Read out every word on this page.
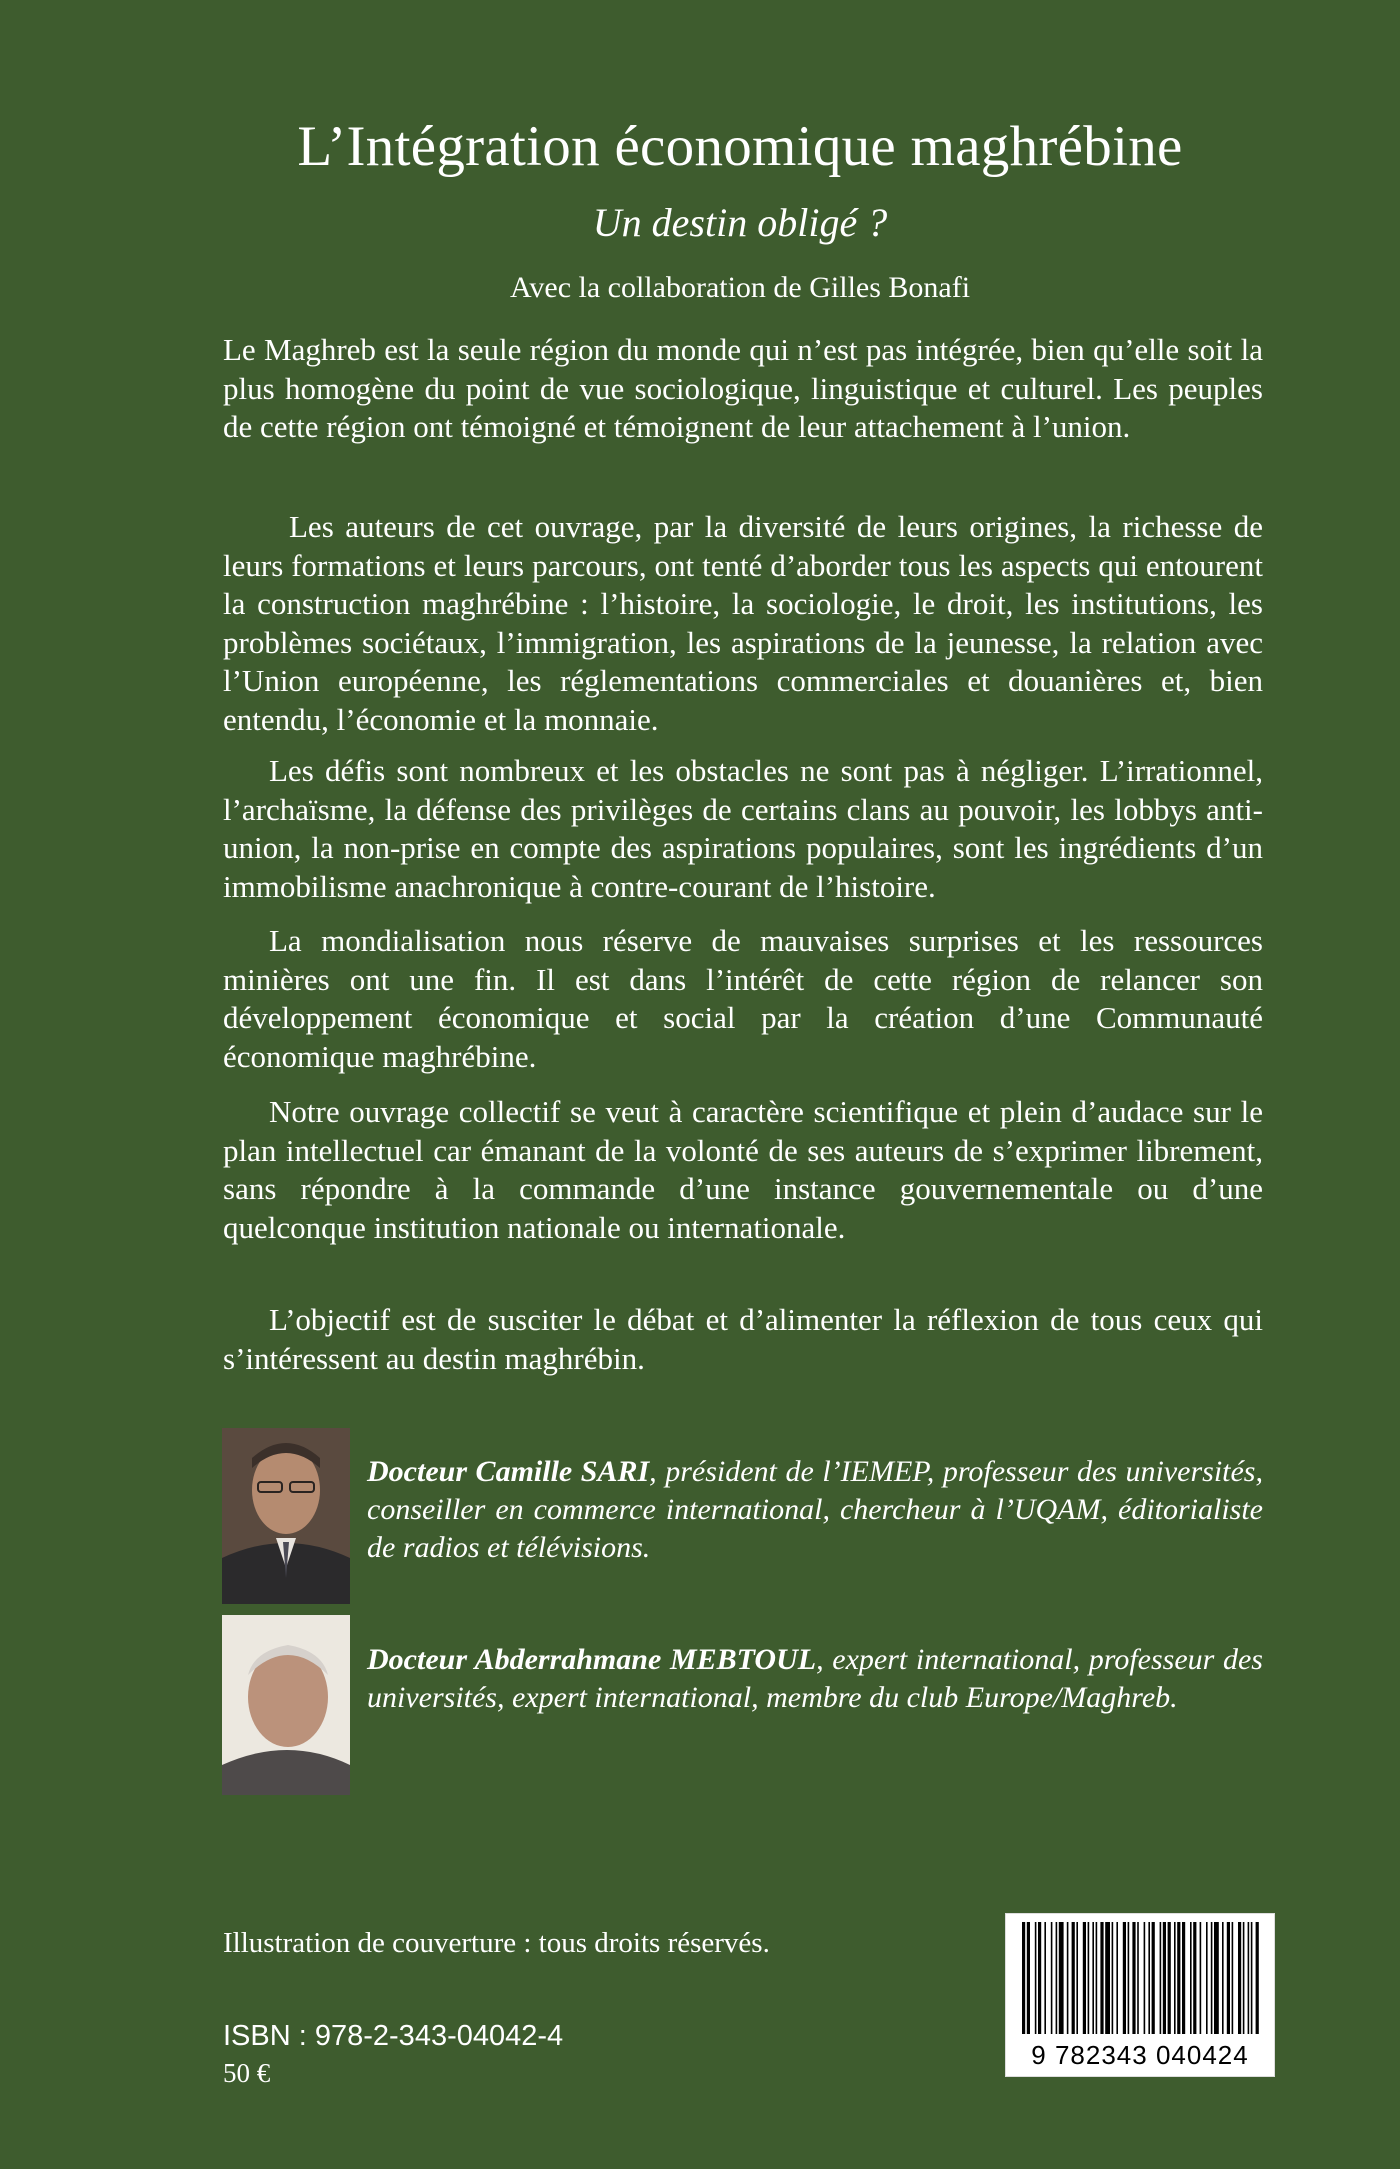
L’Intégration économique maghrébine
Un destin obligé ?
Avec la collaboration de Gilles Bonafi

Le Maghreb est la seule région du monde qui n’est pas intégrée, bien qu’elle soit la plus homogène du point de vue sociologique, linguistique et culturel. Les peuples de cette région ont témoigné et témoignent de leur attachement à l’union.

Les auteurs de cet ouvrage, par la diversité de leurs origines, la richesse de leurs formations et leurs parcours, ont tenté d’aborder tous les aspects qui entourent la construction maghrébine : l’histoire, la sociologie, le droit, les institutions, les problèmes sociétaux, l’immigration, les aspirations de la jeunesse, la relation avec l’Union européenne, les réglementations commerciales et douanières et, bien entendu, l’économie et la monnaie.

Les défis sont nombreux et les obstacles ne sont pas à négliger. L’irrationnel, l’archaïsme, la défense des privilèges de certains clans au pouvoir, les lobbys anti-union, la non-prise en compte des aspirations populaires, sont les ingrédients d’un immobilisme anachronique à contre-courant de l’histoire.

La mondialisation nous réserve de mauvaises surprises et les ressources minières ont une fin. Il est dans l’intérêt de cette région de relancer son développement économique et social par la création d’une Communauté économique maghrébine.

Notre ouvrage collectif se veut à caractère scientifique et plein d’audace sur le plan intellectuel car émanant de la volonté de ses auteurs de s’exprimer librement, sans répondre à la commande d’une instance gouvernementale ou d’une quelconque institution nationale ou internationale.

L’objectif est de susciter le débat et d’alimenter la réflexion de tous ceux qui s’intéressent au destin maghrébin.

Docteur Camille SARI, président de l’IEMEP, professeur des universités, conseiller en commerce international, chercheur à l’UQAM, éditorialiste de radios et télévisions.
Docteur Abderrahmane MEBTOUL, expert international, professeur des universités, expert international, membre du club Europe/Maghreb.
Illustration de couverture : tous droits réservés.
ISBN : 978-2-343-04042-4
50 €
9 782343 040424
